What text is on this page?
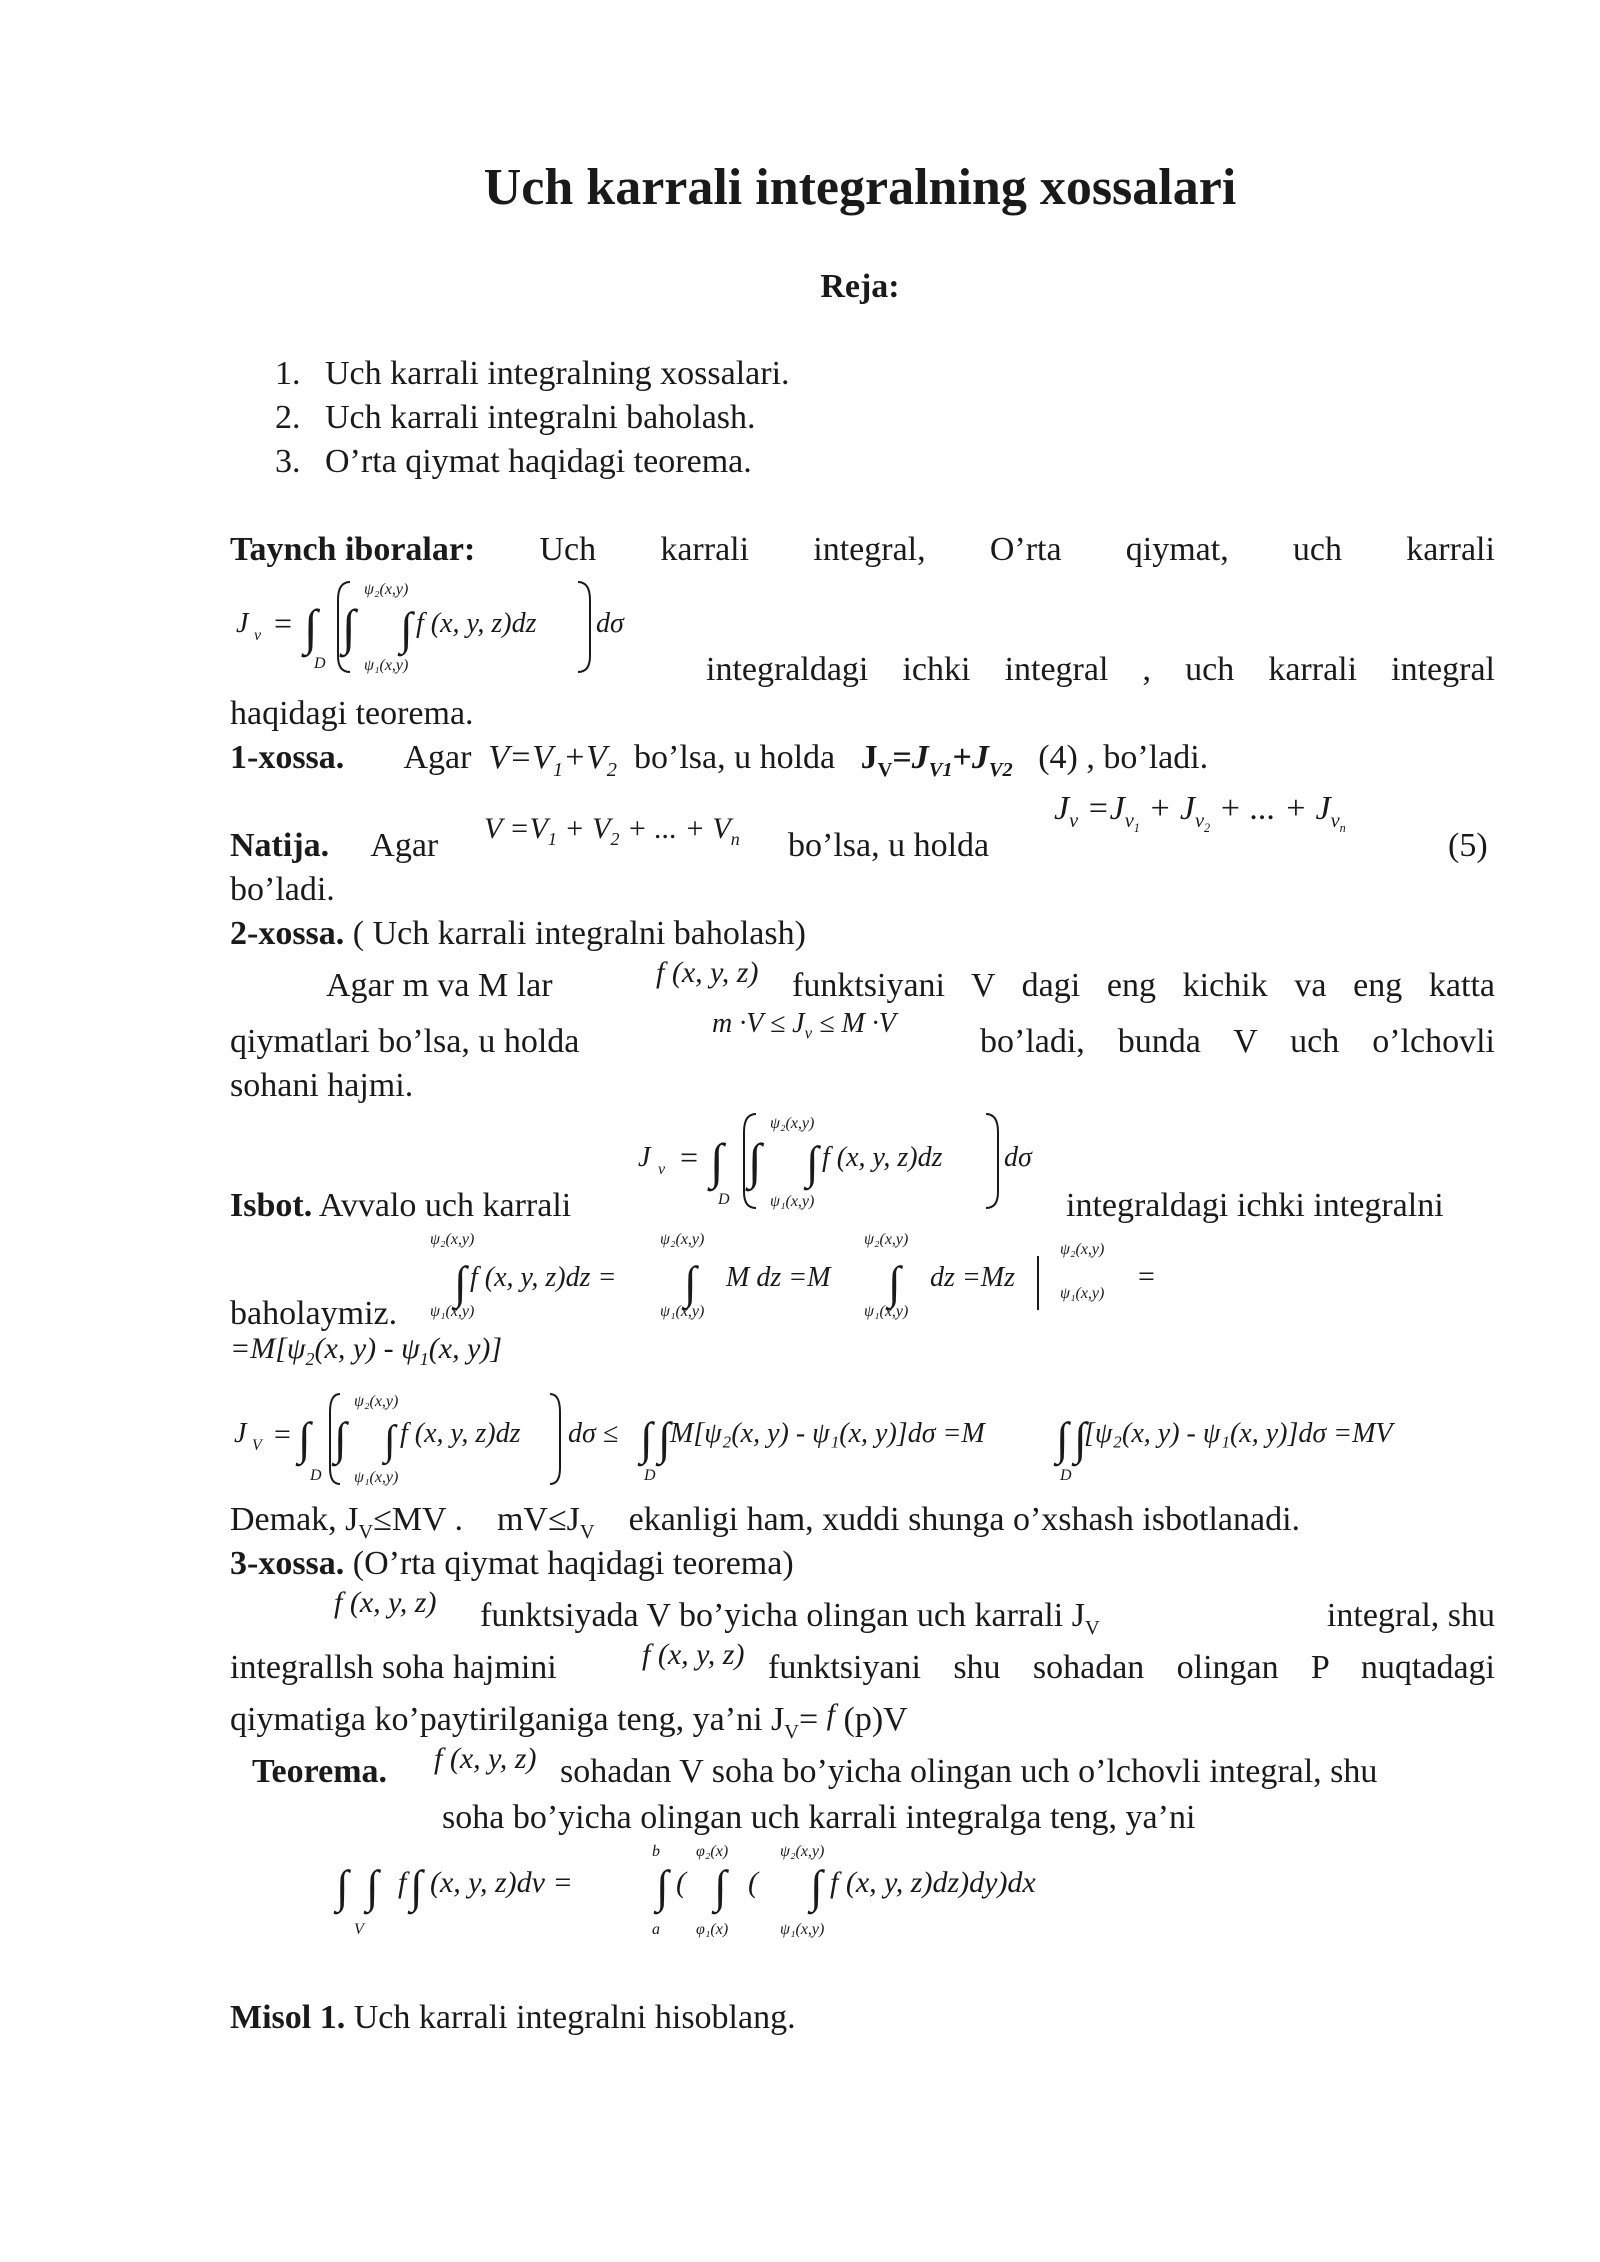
Uch karrali integralning xossalari
Reja:
1. Uch karrali integralning xossalari.
2. Uch karrali integralni baholash.
3. O’rta qiymat haqidagi teorema.
Taynch iboralar: Uch karrali integral, O’rta qiymat, uch karrali
J v = ∫
D
∫
ψ₂(x,y)
ψ₁(x,y)
∫ f (x, y, z)dz dσ
integraldagi ichki integral , uch karrali integral
haqidagi teorema.
1-xossa. Agar $V=V_1+V_2$ bo’lsa, u holda   $J_V=J_{V1}+J_{V2}$ (4) , bo’ladi.
Natija. Agar $V =V_1 + V_2$ + ... + $V_n$ bo’lsa, u holda
$J_v =J_{v_1} + J_{v_2}$ + ... + $J_{v_n}$	(5)
bo’ladi.
2-xossa. ( Uch karrali integralni baholash)
Agar m va M lar	f (x, y, z) funktsiyani V dagi eng kichik va eng katta
qiymatlari bo’lsa, u holda	$m \cdot V \le J_v \le M \cdot V$ bo’ladi, bunda V uch o’lchovli
sohani hajmi.
J v = ∫
D
∫
ψ₂(x,y)
ψ₁(x,y)
∫ f (x, y, z)dz dσ
Isbot. Avvalo uch karrali	integraldagi ichki integralni
ψ₂(x,y)
∫ f (x, y, z)dz =
ψ₁(x,y)
ψ₂(x,y)
∫
ψ₁(x,y)
M dz =M
ψ₂(x,y)
∫
ψ₁(x,y)
dz =Mz
ψ₂(x,y)
ψ₁(x,y)
=
baholaymiz.
$=M[\psi_2(x$, $y) - \psi_1(x$, y)]
J V = ∫
D
∫
ψ₂(x,y)
ψ₁(x,y)
∫ f (x, y, z)dz dσ ≤ ∫
D
∫ M[ψ₂(x, y) - ψ₁(x, y)]dσ =M ∫
D
∫
[ψ₂(x, y) - ψ₁(x, y)]dσ =MV
Demak, $J_V\le MV$ .    $mV\le J_V$ ekanligi ham, xuddi shunga o’xshash isbotlanadi.
3-xossa. (O’rta qiymat haqidagi teorema)
f (x, y, z) funktsiyada V bo’yicha olingan uch karrali $J_V$	integral, shu
integrallsh soha hajmini	f (x, y, z) funktsiyani shu sohadan olingan P nuqtadagi
qiymatiga ko’paytirilganiga teng, ya’ni $J_V= f$ (p)V
Teorema. f (x, y, z) sohadan V soha bo’yicha olingan uch o’lchovli integral, shu
soha bo’yicha olingan uch karrali integralga teng, ya’ni
∫
V
∫ f ∫ (x, y, z)dv =
b
a
∫ (
φ₂(x)
φ₁(x)
∫ (
ψ₂(x,y)
ψ₁(x,y)
∫ f (x, y, z)dz)dy)dx
Misol 1. Uch karrali integralni hisoblang.
